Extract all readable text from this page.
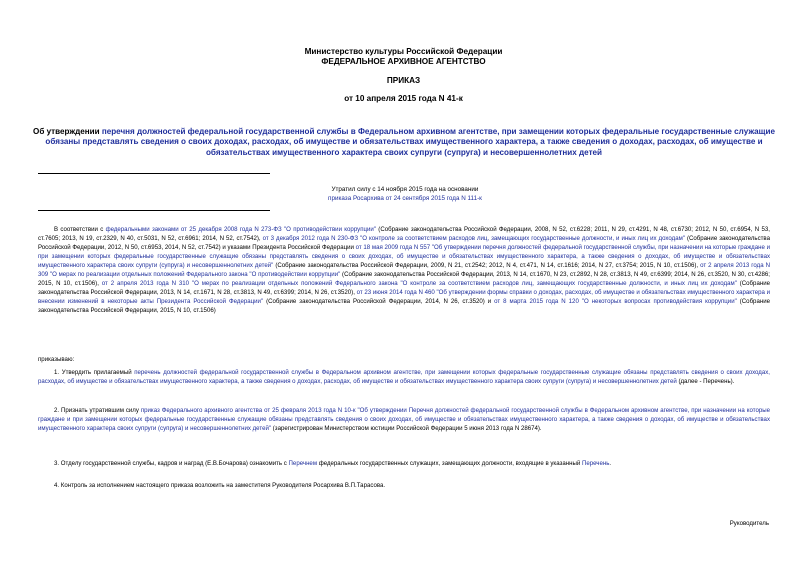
Министерство культуры Российской Федерации
ФЕДЕРАЛЬНОЕ АРХИВНОЕ АГЕНТСТВО
ПРИКАЗ
от 10 апреля 2015 года N 41-к
Об утверждении перечня должностей федеральной государственной службы в Федеральном архивном агентстве, при замещении которых федеральные государственные служащие обязаны представлять сведения о своих доходах, расходах, об имуществе и обязательствах имущественного характера, а также сведения о доходах, расходах, об имуществе и обязательствах имущественного характера своих супруги (супруга) и несовершеннолетних детей
Утратил силу с 14 ноября 2015 года на основании
приказа Росархива от 24 сентября 2015 года N 111-к
В соответствии с федеральными законами от 25 декабря 2008 года N 273-ФЗ "О противодействии коррупции" (Собрание законодательства Российской Федерации, 2008, N 52, ст.6228; 2011, N 29, ст.4291, N 48, ст.6730; 2012, N 50, ст.6954, N 53, ст.7605; 2013, N 19, ст.2329, N 40, ст.5031, N 52, ст.6961; 2014, N 52, ст.7542), от 3 декабря 2012 года N 230-ФЗ "О контроле за соответствием расходов лиц, замещающих государственные должности, и иных лиц их доходам" (Собрание законодательства Российской Федерации, 2012, N 50, ст.6953, 2014, N 52, ст.7542) и указами Президента Российской Федерации от 18 мая 2009 года N 557 "Об утверждении перечня должностей федеральной государственной службы, при назначении на которые граждане и при замещении которых федеральные государственные служащие обязаны представлять сведения о своих доходах, об имуществе и обязательствах имущественного характера, а также сведения о доходах, об имуществе и обязательствах имущественного характера своих супруги (супруга) и несовершеннолетних детей" (Собрание законодательства Российской Федерации, 2009, N 21, ст.2542; 2012, N 4, ст.471, N 14, ст.1616; 2014, N 27, ст.3754; 2015, N 10, ст.1506), от 2 апреля 2013 года N 309 "О мерах по реализации отдельных положений Федерального закона "О противодействии коррупции" (Собрание законодательства Российской Федерации, 2013, N 14, ст.1670, N 23, ст.2892, N 28, ст.3813, N 49, ст.6399; 2014, N 26, ст.3520, N 30, ст.4286; 2015, N 10, ст.1506), от 2 апреля 2013 года N 310 "О мерах по реализации отдельных положений Федерального закона "О контроле за соответствием расходов лиц, замещающих государственные должности, и иных лиц их доходам" (Собрание законодательства Российской Федерации, 2013, N 14, ст.1671, N 28, ст.3813, N 49, ст.6399; 2014, N 26, ст.3520), от 23 июня 2014 года N 460 "Об утверждении формы справки о доходах, расходах, об имуществе и обязательствах имущественного характера и внесении изменений в некоторые акты Президента Российской Федерации" (Собрание законодательства Российской Федерации, 2014, N 26, ст.3520) и от 8 марта 2015 года N 120 "О некоторых вопросах противодействия коррупции" (Собрание законодательства Российской Федерации, 2015, N 10, ст.1506)
приказываю:
1. Утвердить прилагаемый перечень должностей федеральной государственной службы в Федеральном архивном агентстве, при замещении которых федеральные государственные служащие обязаны представлять сведения о своих доходах, расходах, об имуществе и обязательствах имущественного характера, а также сведения о доходах, расходах, об имуществе и обязательствах имущественного характера своих супруги (супруга) и несовершеннолетних детей (далее - Перечень).
2. Признать утратившим силу приказ Федерального архивного агентства от 25 февраля 2013 года N 10-к "Об утверждении Перечня должностей федеральной государственной службы в Федеральном архивном агентстве, при назначении на которые граждане и при замещении которых федеральные государственные служащие обязаны представлять сведения о своих доходах, об имуществе и обязательствах имущественного характера, а также сведения о доходах, об имуществе и обязательствах имущественного характера своих супруги (супруга) и несовершеннолетних детей" (зарегистрирован Министерством юстиции Российской Федерации 5 июня 2013 года N 28674).
3. Отделу государственной службы, кадров и наград (Е.В.Бочарова) ознакомить с Перечнем федеральных государственных служащих, замещающих должности, входящие в указанный Перечень.
4. Контроль за исполнением настоящего приказа возложить на заместителя Руководителя Росархива В.П.Тарасова.
Руководитель
